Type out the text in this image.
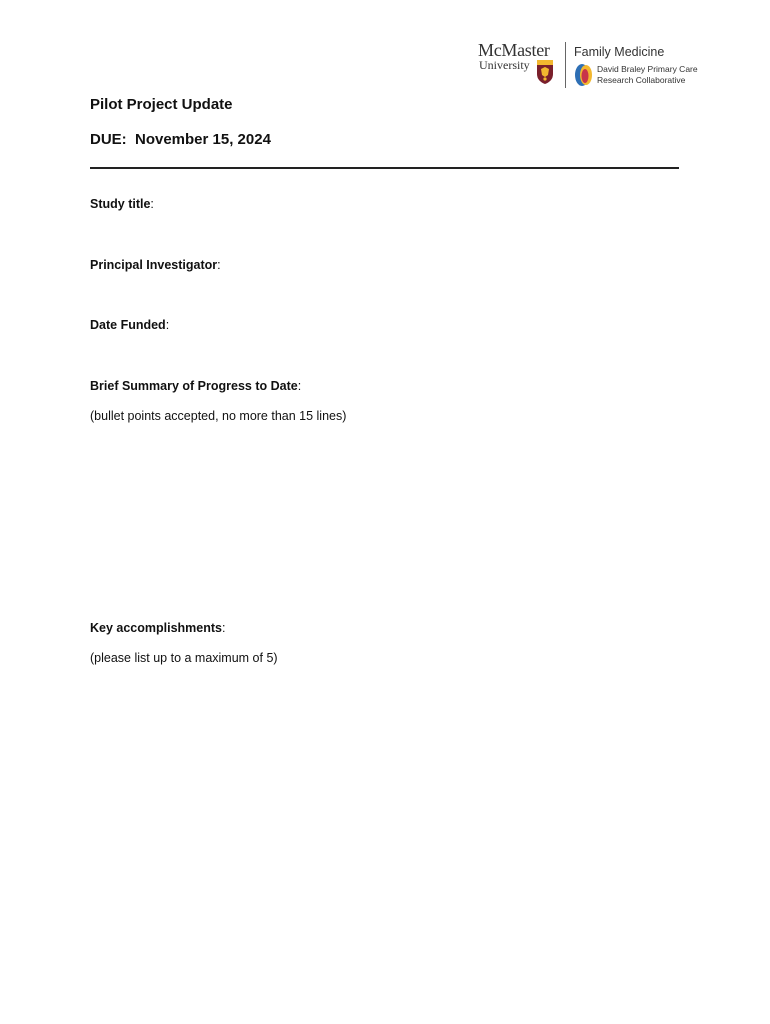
McMaster
University
Family Medicine
David Braley Primary Care
Research Collaborative
Pilot Project Update
DUE:  November 15, 2024
Study title:
Principal Investigator:
Date Funded:
Brief Summary of Progress to Date:
(bullet points accepted, no more than 15 lines)
Key accomplishments:
(please list up to a maximum of 5)
